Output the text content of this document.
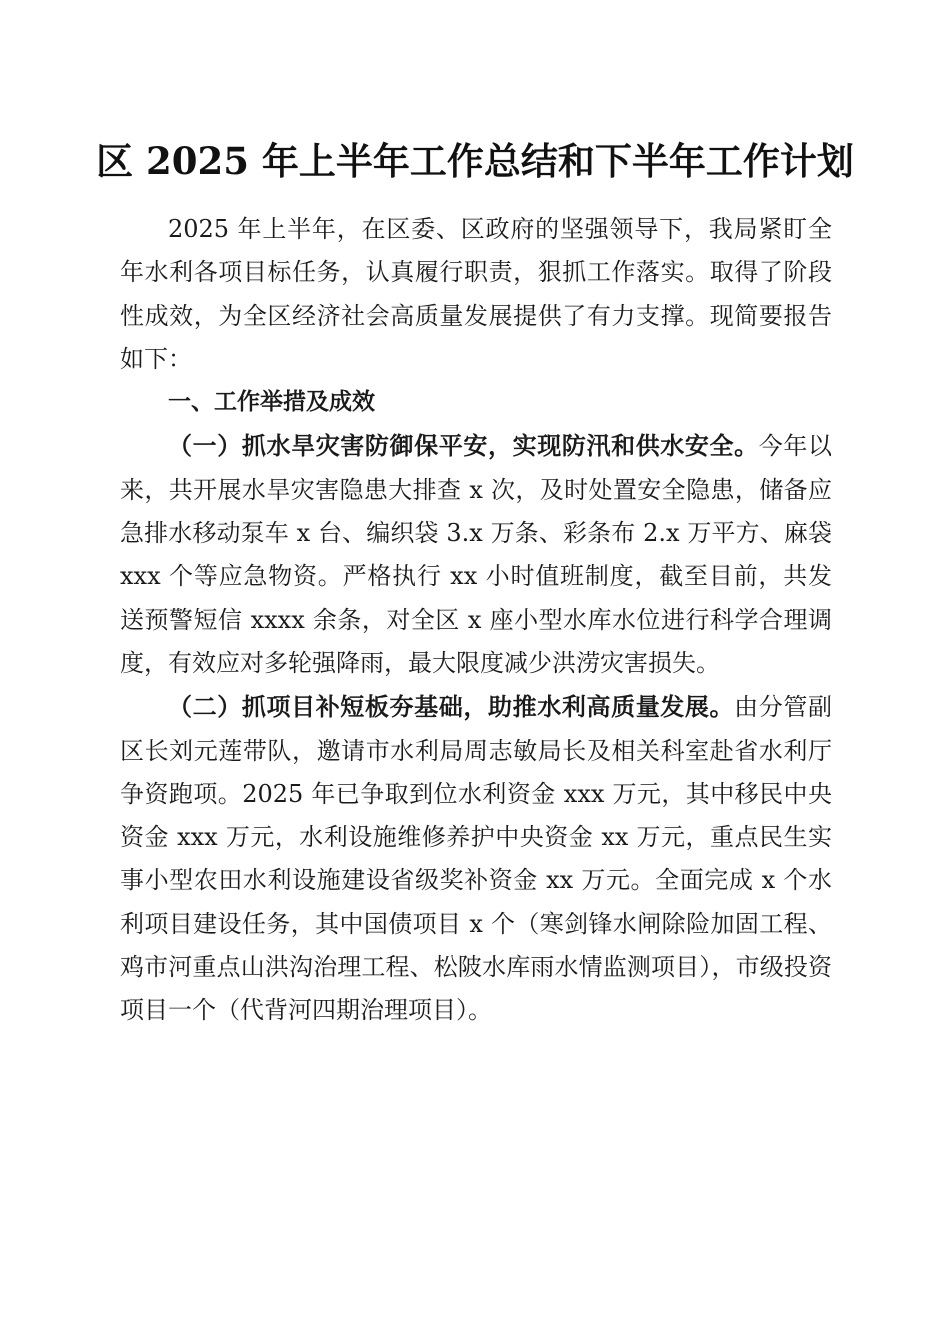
区 2025 年上半年工作总结和下半年工作计划

2025 年上半年，在区委、区政府的坚强领导下，我局紧盯全年水利各项目标任务，认真履行职责，狠抓工作落实。取得了阶段性成效，为全区经济社会高质量发展提供了有力支撑。现简要报告如下：

一、工作举措及成效

（一）抓水旱灾害防御保平安，实现防汛和供水安全。今年以来，共开展水旱灾害隐患大排查 x 次，及时处置安全隐患，储备应急排水移动泵车 x 台、编织袋 3.x 万条、彩条布 2.x 万平方、麻袋 xxx 个等应急物资。严格执行 xx 小时值班制度，截至目前，共发送预警短信 xxxx 余条，对全区 x 座小型水库水位进行科学合理调度，有效应对多轮强降雨，最大限度减少洪涝灾害损失。

（二）抓项目补短板夯基础，助推水利高质量发展。由分管副区长刘元莲带队，邀请市水利局周志敏局长及相关科室赴省水利厅争资跑项。2025 年已争取到位水利资金 xxx 万元，其中移民中央资金 xxx 万元，水利设施维修养护中央资金 xx 万元，重点民生实事小型农田水利设施建设省级奖补资金 xx 万元。全面完成 x 个水利项目建设任务，其中国债项目 x 个（寒剑锋水闸除险加固工程、鸡市河重点山洪沟治理工程、松陂水库雨水情监测项目），市级投资项目一个（代背河四期治理项目）。
